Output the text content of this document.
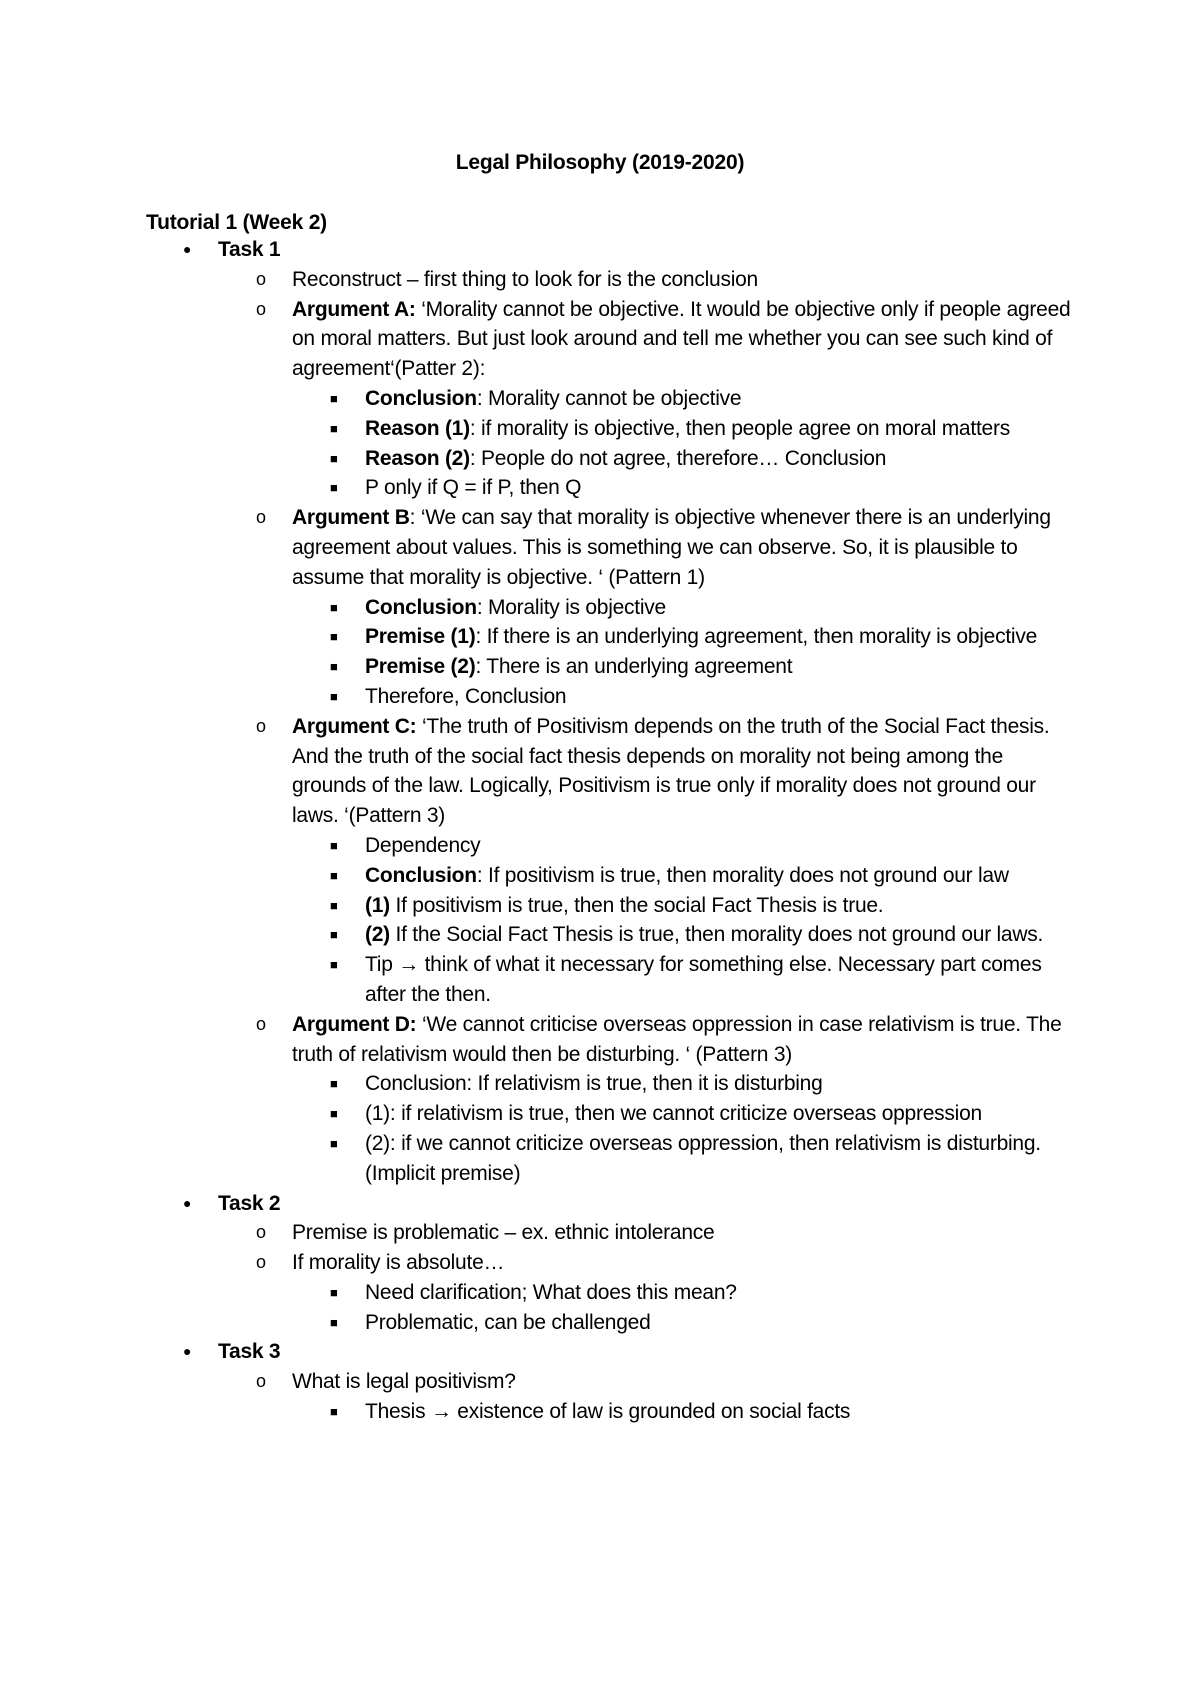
Legal Philosophy (2019-2020)
Tutorial 1 (Week 2)
● Task 1
o Reconstruct – first thing to look for is the conclusion
o Argument A: ‘Morality cannot be objective. It would be objective only if people agreed on moral matters. But just look around and tell me whether you can see such kind of agreement‘(Patter 2):
■ Conclusion: Morality cannot be objective
■ Reason (1): if morality is objective, then people agree on moral matters
■ Reason (2): People do not agree, therefore… Conclusion
■ P only if Q = if P, then Q
o Argument B: ‘We can say that morality is objective whenever there is an underlying agreement about values. This is something we can observe. So, it is plausible to assume that morality is objective. ‘ (Pattern 1)
■ Conclusion: Morality is objective
■ Premise (1): If there is an underlying agreement, then morality is objective
■ Premise (2): There is an underlying agreement
■ Therefore, Conclusion
o Argument C: ‘The truth of Positivism depends on the truth of the Social Fact thesis. And the truth of the social fact thesis depends on morality not being among the grounds of the law. Logically, Positivism is true only if morality does not ground our laws. ‘(Pattern 3)
■ Dependency
■ Conclusion: If positivism is true, then morality does not ground our law
■ (1) If positivism is true, then the social Fact Thesis is true.
■ (2) If the Social Fact Thesis is true, then morality does not ground our laws.
■ Tip → think of what it necessary for something else. Necessary part comes after the then.
o Argument D: ‘We cannot criticise overseas oppression in case relativism is true. The truth of relativism would then be disturbing. ‘ (Pattern 3)
■ Conclusion: If relativism is true, then it is disturbing
■ (1): if relativism is true, then we cannot criticize overseas oppression
■ (2): if we cannot criticize overseas oppression, then relativism is disturbing. (Implicit premise)
● Task 2
o Premise is problematic – ex. ethnic intolerance
o If morality is absolute…
■ Need clarification; What does this mean?
■ Problematic, can be challenged
● Task 3
o What is legal positivism?
■ Thesis → existence of law is grounded on social facts
